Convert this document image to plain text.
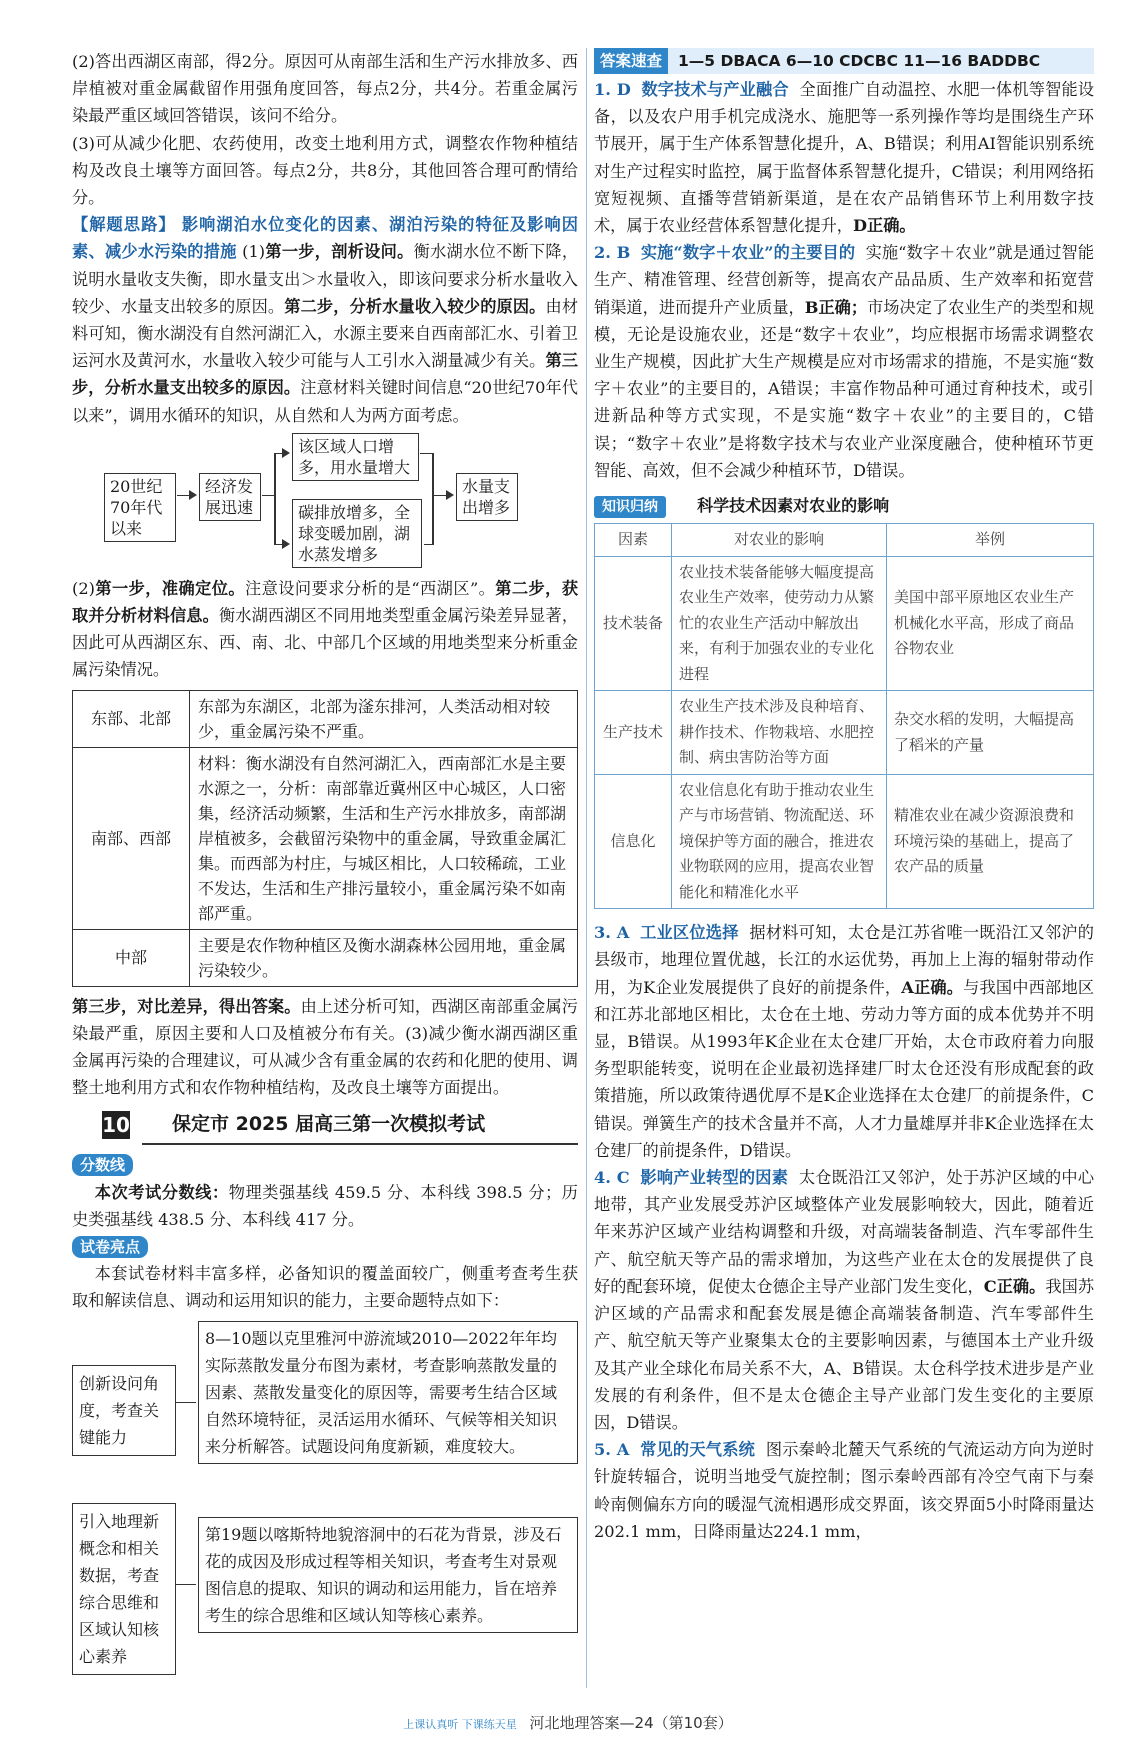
(2)答出西湖区南部，得2分。原因可从南部生活和生产污水排放多、西岸植被对重金属截留作用强角度回答，每点2分，共4分。若重金属污染最严重区域回答错误，该问不给分。

(3)可从减少化肥、农药使用，改变土地利用方式，调整农作物种植结构及改良土壤等方面回答。每点2分，共8分，其他回答合理可酌情给分。

【解题思路】 影响湖泊水位变化的因素、湖泊污染的特征及影响因素、减少水污染的措施 (1)第一步，剖析设问。衡水湖水位不断下降，说明水量收支失衡，即水量支出＞水量收入，即该问要求分析水量收入较少、水量支出较多的原因。第二步，分析水量收入较少的原因。由材料可知，衡水湖没有自然河湖汇入，水源主要来自西南部汇水、引着卫运河水及黄河水，水量收入较少可能与人工引水入湖量减少有关。第三步，分析水量支出较多的原因。注意材料关键时间信息“20世纪70年代以来”，调用水循环的知识，从自然和人为两方面考虑。

20世纪70年代以来
经济发展迅速
该区域人口增多，用水量增大
碳排放增多，全球变暖加剧，湖水蒸发增多
水量支出增多

(2)第一步，准确定位。注意设问要求分析的是“西湖区”。第二步，获取并分析材料信息。衡水湖西湖区不同用地类型重金属污染差异显著，因此可从西湖区东、西、南、北、中部几个区域的用地类型来分析重金属污染情况。

东部、北部	东部为东湖区，北部为滏东排河，人类活动相对较少，重金属污染不严重。
南部、西部	材料：衡水湖没有自然河湖汇入，西南部汇水是主要水源之一，分析：南部靠近冀州区中心城区，人口密集，经济活动频繁，生活和生产污水排放多，南部湖岸植被多，会截留污染物中的重金属，导致重金属汇集。而西部为村庄，与城区相比，人口较稀疏，工业不发达，生活和生产排污量较小，重金属污染不如南部严重。
中部	主要是农作物种植区及衡水湖森林公园用地，重金属污染较少。

第三步，对比差异，得出答案。由上述分析可知，西湖区南部重金属污染最严重，原因主要和人口及植被分布有关。(3)减少衡水湖西湖区重金属再污染的合理建议，可从减少含有重金属的农药和化肥的使用、调整土地利用方式和农作物种植结构，及改良土壤等方面提出。

10 保定市 2025 届高三第一次模拟考试
分数线

本次考试分数线：物理类强基线 459.5 分、本科线 398.5 分；历史类强基线 438.5 分、本科线 417 分。

试卷亮点

本套试卷材料丰富多样，必备知识的覆盖面较广，侧重考查考生获取和解读信息、调动和运用知识的能力，主要命题特点如下：

创新设问角度，考查关键能力
8—10题以克里雅河中游流域2010—2022年年均实际蒸散发量分布图为素材，考查影响蒸散发量的因素、蒸散发量变化的原因等，需要考生结合区域自然环境特征，灵活运用水循环、气候等相关知识来分析解答。试题设问角度新颖，难度较大。
引入地理新概念和相关数据，考查综合思维和区域认知核心素养
第19题以喀斯特地貌溶洞中的石花为背景，涉及石花的成因及形成过程等相关知识，考查考生对景观图信息的提取、知识的调动和运用能力，旨在培养考生的综合思维和区域认知等核心素养。
答案速查 1—5 DBACA 6—10 CDCBC 11—16 BADDBC

1. D 数字技术与产业融合 全面推广自动温控、水肥一体机等智能设备，以及农户用手机完成浇水、施肥等一系列操作等均是围绕生产环节展开，属于生产体系智慧化提升，A、B错误；利用AI智能识别系统对生产过程实时监控，属于监督体系智慧化提升，C错误；利用网络拓宽短视频、直播等营销新渠道，是在农产品销售环节上利用数字技术，属于农业经营体系智慧化提升，D正确。

2. B 实施“数字＋农业”的主要目的 实施“数字＋农业”就是通过智能生产、精准管理、经营创新等，提高农产品品质、生产效率和拓宽营销渠道，进而提升产业质量，B正确；市场决定了农业生产的类型和规模，无论是设施农业，还是“数字＋农业”，均应根据市场需求调整农业生产规模，因此扩大生产规模是应对市场需求的措施，不是实施“数字＋农业”的主要目的，A错误；丰富作物品种可通过育种技术，或引进新品种等方式实现，不是实施“数字＋农业”的主要目的，C错误；“数字＋农业”是将数字技术与农业产业深度融合，使种植环节更智能、高效，但不会减少种植环节，D错误。

知识归纳 科学技术因素对农业的影响
因素	对农业的影响	举例
技术装备	农业技术装备能够大幅度提高农业生产效率，使劳动力从繁忙的农业生产活动中解放出来，有利于加强农业的专业化进程	美国中部平原地区农业生产机械化水平高，形成了商品谷物农业
生产技术	农业生产技术涉及良种培育、耕作技术、作物栽培、水肥控制、病虫害防治等方面	杂交水稻的发明，大幅提高了稻米的产量
信息化	农业信息化有助于推动农业生产与市场营销、物流配送、环境保护等方面的融合，推进农业物联网的应用，提高农业智能化和精准化水平	精准农业在减少资源浪费和环境污染的基础上，提高了农产品的质量

3. A 工业区位选择 据材料可知，太仓是江苏省唯一既沿江又邻沪的县级市，地理位置优越，长江的水运优势，再加上上海的辐射带动作用，为K企业发展提供了良好的前提条件，A正确。与我国中西部地区和江苏北部地区相比，太仓在土地、劳动力等方面的成本优势并不明显，B错误。从1993年K企业在太仓建厂开始，太仓市政府着力向服务型职能转变，说明在企业最初选择建厂时太仓还没有形成配套的政策措施，所以政策待遇优厚不是K企业选择在太仓建厂的前提条件，C错误。弹簧生产的技术含量并不高，人才力量雄厚并非K企业选择在太仓建厂的前提条件，D错误。

4. C 影响产业转型的因素 太仓既沿江又邻沪，处于苏沪区域的中心地带，其产业发展受苏沪区域整体产业发展影响较大，因此，随着近年来苏沪区域产业结构调整和升级，对高端装备制造、汽车零部件生产、航空航天等产品的需求增加，为这些产业在太仓的发展提供了良好的配套环境，促使太仓德企主导产业部门发生变化，C正确。我国苏沪区域的产品需求和配套发展是德企高端装备制造、汽车零部件生产、航空航天等产业聚集太仓的主要影响因素，与德国本土产业升级及其产业全球化布局关系不大，A、B错误。太仓科学技术进步是产业发展的有利条件，但不是太仓德企主导产业部门发生变化的主要原因，D错误。

5. A 常见的天气系统 图示秦岭北麓天气系统的气流运动方向为逆时针旋转辐合，说明当地受气旋控制；图示秦岭西部有冷空气南下与秦岭南侧偏东方向的暖湿气流相遇形成交界面，该交界面5小时降雨量达202.1 mm，日降雨量达224.1 mm，

上课认真听 下课练天星 河北地理答案—24（第10套）
